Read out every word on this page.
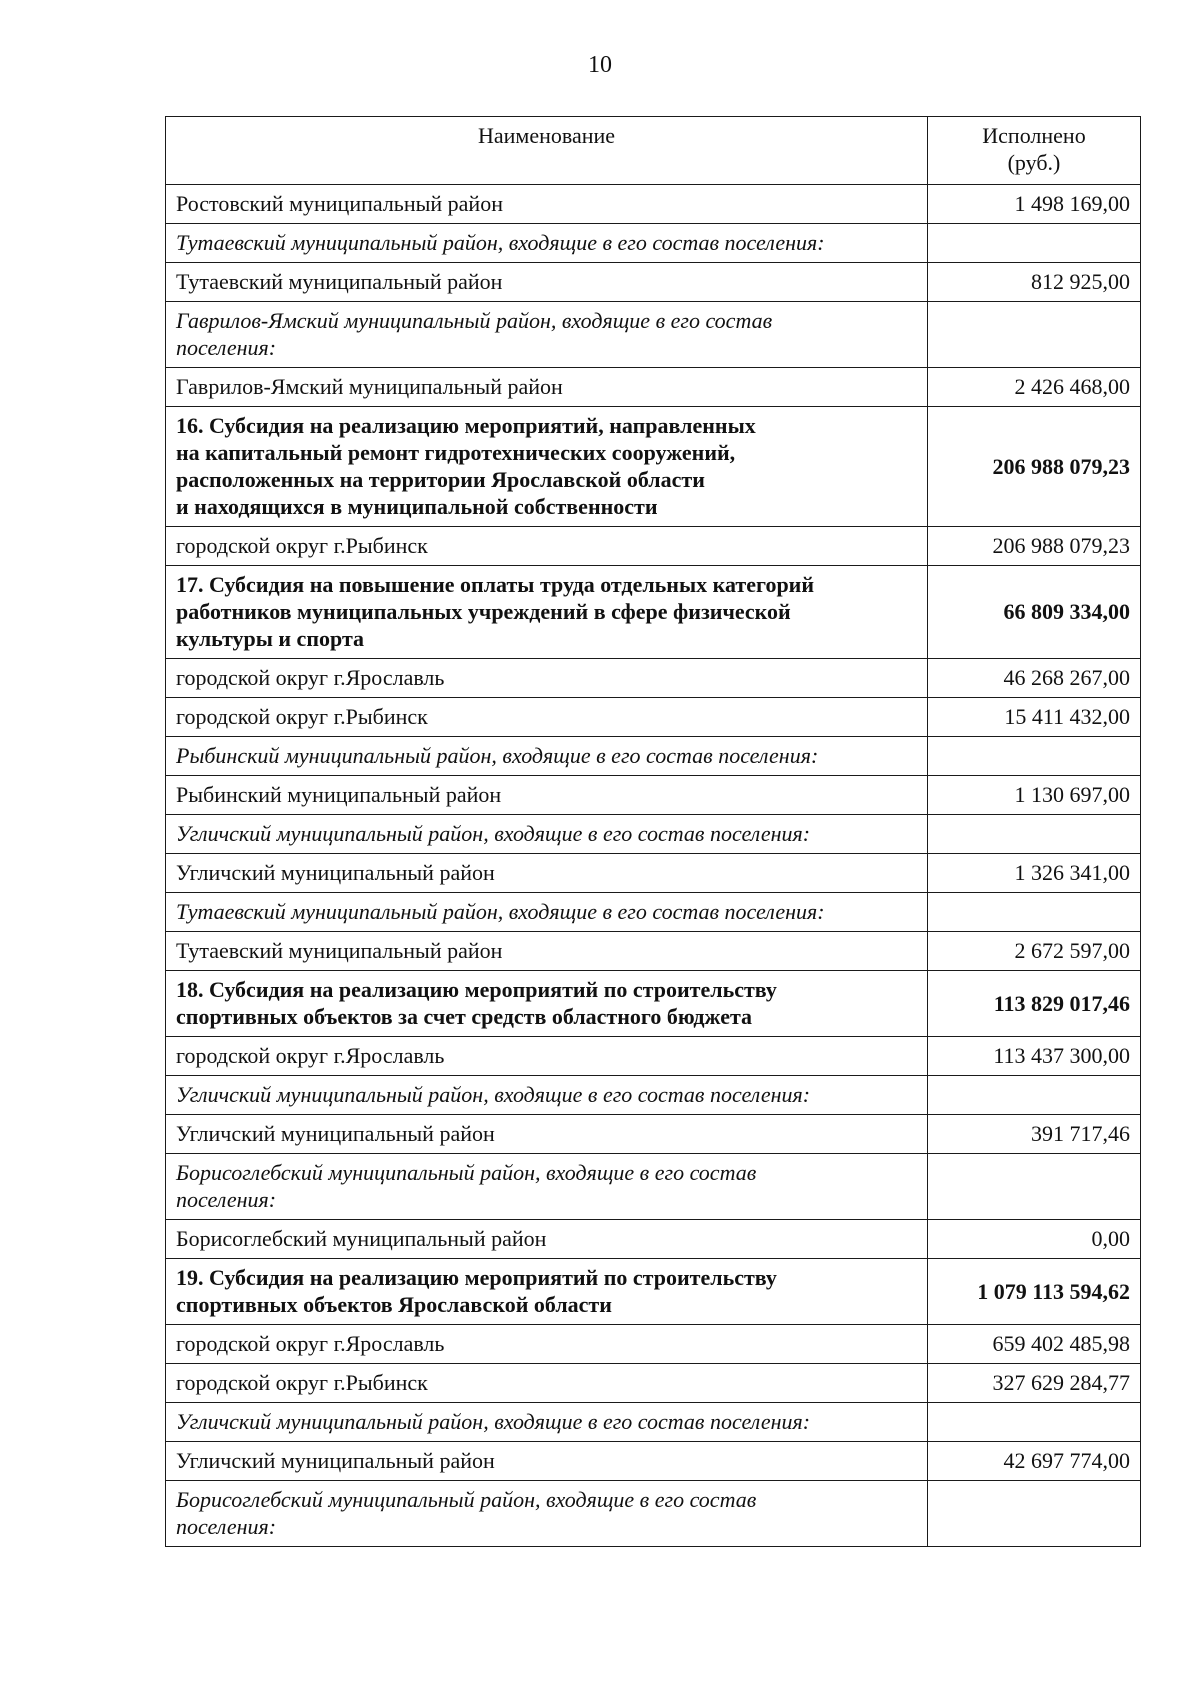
10
Наименование	Исполнено
(руб.)
Ростовский муниципальный район	1 498 169,00
Тутаевский муниципальный район, входящие в его состав поселения:	
Тутаевский муниципальный район	812 925,00
Гаврилов-Ямский муниципальный район, входящие в его состав
поселения:	
Гаврилов-Ямский муниципальный район	2 426 468,00
16. Субсидия на реализацию мероприятий, направленных
на капитальный ремонт гидротехнических сооружений,
расположенных на территории Ярославской области
и находящихся в муниципальной собственности	206 988 079,23
городской округ г.Рыбинск	206 988 079,23
17. Субсидия на повышение оплаты труда отдельных категорий
работников муниципальных учреждений в сфере физической
культуры и спорта	66 809 334,00
городской округ г.Ярославль	46 268 267,00
городской округ г.Рыбинск	15 411 432,00
Рыбинский муниципальный район, входящие в его состав поселения:	
Рыбинский муниципальный район	1 130 697,00
Угличский муниципальный район, входящие в его состав поселения:	
Угличский муниципальный район	1 326 341,00
Тутаевский муниципальный район, входящие в его состав поселения:	
Тутаевский муниципальный район	2 672 597,00
18. Субсидия на реализацию мероприятий по строительству
спортивных объектов за счет средств областного бюджета	113 829 017,46
городской округ г.Ярославль	113 437 300,00
Угличский муниципальный район, входящие в его состав поселения:	
Угличский муниципальный район	391 717,46
Борисоглебский муниципальный район, входящие в его состав
поселения:	
Борисоглебский муниципальный район	0,00
19. Субсидия на реализацию мероприятий по строительству
спортивных объектов Ярославской области	1 079 113 594,62
городской округ г.Ярославль	659 402 485,98
городской округ г.Рыбинск	327 629 284,77
Угличский муниципальный район, входящие в его состав поселения:	
Угличский муниципальный район	42 697 774,00
Борисоглебский муниципальный район, входящие в его состав
поселения:	
